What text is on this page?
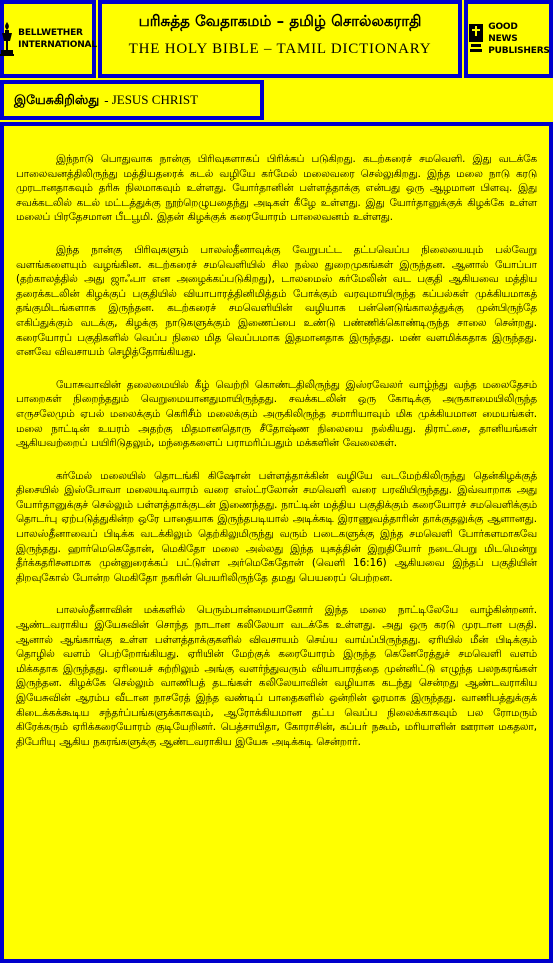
BELLWETHER
INTERNATIONAL
பரிசுத்த வேதாகமம் – தமிழ் சொல்லகராதி
THE HOLY BIBLE – TAMIL DICTIONARY
GOOD NEWS
PUBLISHERS
இயேசுகிறிஸ்து - JESUS CHRIST

இந்நாடு பொதுவாக நான்கு பிரிவுகளாகப் பிரிக்கப் படுகிறது. கடற்கரைச் சமவெளி. இது வடக்கே பாலைவனத்திலிருந்து மத்தியதரைக் கடல் வழியே கர்மேல் மலைவரை செல்லுகிறது. இந்த மலை நாடு கரடு முரடானதாகவும் தரிசு நிலமாகவும் உள்ளது. யோர்தானின் பள்ளத்தாக்கு என்பது ஒரு ஆழமான பிளவு. இது சவக்கடலில் கடல் மட்டத்துக்கு நூற்றெழுபதைந்து அடிகள் கீழே உள்ளது. இது யோர்தானுக்குக் கிழக்கே உள்ள மலைப் பிரதேசமான பீடபூமி. இதன் கிழக்குக் கரையோரம் பாலைவனம் உள்ளது.

இந்த நான்கு பிரிவுகளும் பாலஸ்தீனாவுக்கு வேறுபட்ட தட்பவெப்ப நிலையையும் பல்வேறு வளங்களையும் வழங்கின. கடற்கரைச் சமவெளியில் சில நல்ல துறைமுகங்கள் இருந்தன. ஆனால் யோப்பா (தற்காலத்தில் அது ஜாஃபா என அழைக்கப்படுகிறது), டாலமைஸ் கர்மேலின் வட பகுதி ஆகியவை மத்திய தரைக்கடலின் கிழக்குப் பகுதியில் வியாபாரத்தினிமித்தம் போக்கும் வரவுமாயிருந்த கப்பல்கள் முக்கியமாகத் தங்குமிடங்களாக இருந்தன. கடற்கரைச் சமவெளியின் வழியாக பன்னெடுங்காலத்துக்கு முன்பிருந்தே எகிப்துக்கும் வடக்கு, கிழக்கு நாடுகளுக்கும் இணைப்பை உண்டு பண்ணிக்கொண்டிருந்த சாலை சென்றது. கரையோரப் பகுதிகளில் வெப்ப நிலை மித வெப்பமாக இதமானதாக இருந்தது. மண் வளமிக்கதாக இருந்தது. எனவே விவசாயம் செழித்தோங்கியது.

யோசுவாவின் தலைமையில் கீழ் வெற்றி கொண்டதிலிருந்து இஸ்ரவேலர் வாழ்ந்து வந்த மலைதேசம் பாறைகள் நிறைந்ததும் வெறுமையானதுமாயிருந்தது. சவக்கடலின் ஒரு கோடிக்கு அருகாமையிலிருந்த எருசலேமும் ஏபல் மலைக்கும் கெரிசீம் மலைக்கும் அருகிலிருந்த சமாரியாவும் மிக முக்கியமான மையங்கள். மலை நாட்டின் உயரம் அதற்கு மிதமானதொரு சீதோஷ்ண நிலையை நல்கியது. திராட்சை, தானியங்கள் ஆகியவற்றைப் பயிரிடுதலும், மந்தைகளைப் பராமரிப்பதும் மக்களின் வேலைகள்.

கர்மேல் மலையில் தொடங்கி கிஷோன் பள்ளத்தாக்கின் வழியே வடமேற்கிலிருந்து தென்கிழக்குத் திசையில் இஸ்போவா மலையடிவாரம் வரை எஸ்ட்ரலோன் சமவெளி வரை பரவியிருந்தது. இவ்வாறாக அது யோர்தானுக்குச் செல்லும் பள்ளத்தாக்குடன் இணைந்தது. நாட்டின் மத்திய பகுதிக்கும் கரையோரச் சமவெளிக்கும் தொடர்பு ஏற்படுத்துகின்ற ஒரே பாதையாக இருந்தபடியால் அடிக்கடி இராணுவத்தாரின் தாக்குதலுக்கு ஆளானது. பாலஸ்தீனாவைப் பிடிக்க வடக்கிலும் தெற்கிலுமிருந்து வரும் படைகளுக்கு இந்த சமவெளி போர்களமாகவே இருந்தது. ஹார்மெகெதோன், மெகிதோ மலை அல்லது இந்த யுகத்தின் இறுதியோர் நடைபெறு மிடமென்று தீர்க்கதரிசனமாக முன்னுரைக்கப் பட்டுள்ள அர்மெகேதோன் (வெளி 16:16) ஆகியவை இந்தப் பகுதியின் திறவுகோல் போன்ற மெகிதோ நகரின் பெயரிலிருந்தே தமது பெயரைப் பெற்றன.

பாலஸ்தீனாவின் மக்களில் பெரும்பான்மையானோர் இந்த மலை நாட்டிலேயே வாழ்கின்றனர். ஆண்டவராகிய இயேசுவின் சொந்த நாடான கலிலேயா வடக்கே உள்ளது. அது ஒரு கரடு முரடான பகுதி. ஆனால் ஆங்காங்கு உள்ள பள்ளத்தாக்குகளில் விவசாயம் செய்ய வாய்ப்பிருந்தது. ஏரியில் மீன் பிடிக்கும் தொழில் வளம் பெற்றோங்கியது. ஏரியின் மேற்குக் கரையோரம் இருந்த கெனேரேத்துச் சமவெளி வளம் மிக்கதாக இருந்தது. ஏரியைச் சுற்றிலும் அங்கு வளர்ந்துவரும் வியாபாரத்தை முன்னிட்டு எழுந்த பலநகரங்கள் இருந்தன. கிழக்கே செல்லும் வாணிபத் தடங்கள் கலிலேயாவின் வழியாக கடந்து சென்றது ஆண்டவராகிய இயேசுவின் ஆரம்ப வீடான நாசரேத் இந்த வண்டிப் பாதைகளில் ஒன்றின் ஓரமாக இருந்தது. வாணிபத்துக்குக் கிடைக்கக்கூடிய சந்தர்ப்பங்களுக்காகவும், ஆரோக்கியமான தட்ப வெப்ப நிலைக்காகவும் பல ரோமரும் கிரேக்கரும் ஏரிக்கரையோரம் குடியேறினர். பெத்சாயிதா, கோராசின், கப்பர் நகூம், மரியாளின் ஊரான மகதலா, திபேரியு ஆகிய நகரங்களுக்கு ஆண்டவராகிய இயேசு அடிக்கடி சென்றார்.
